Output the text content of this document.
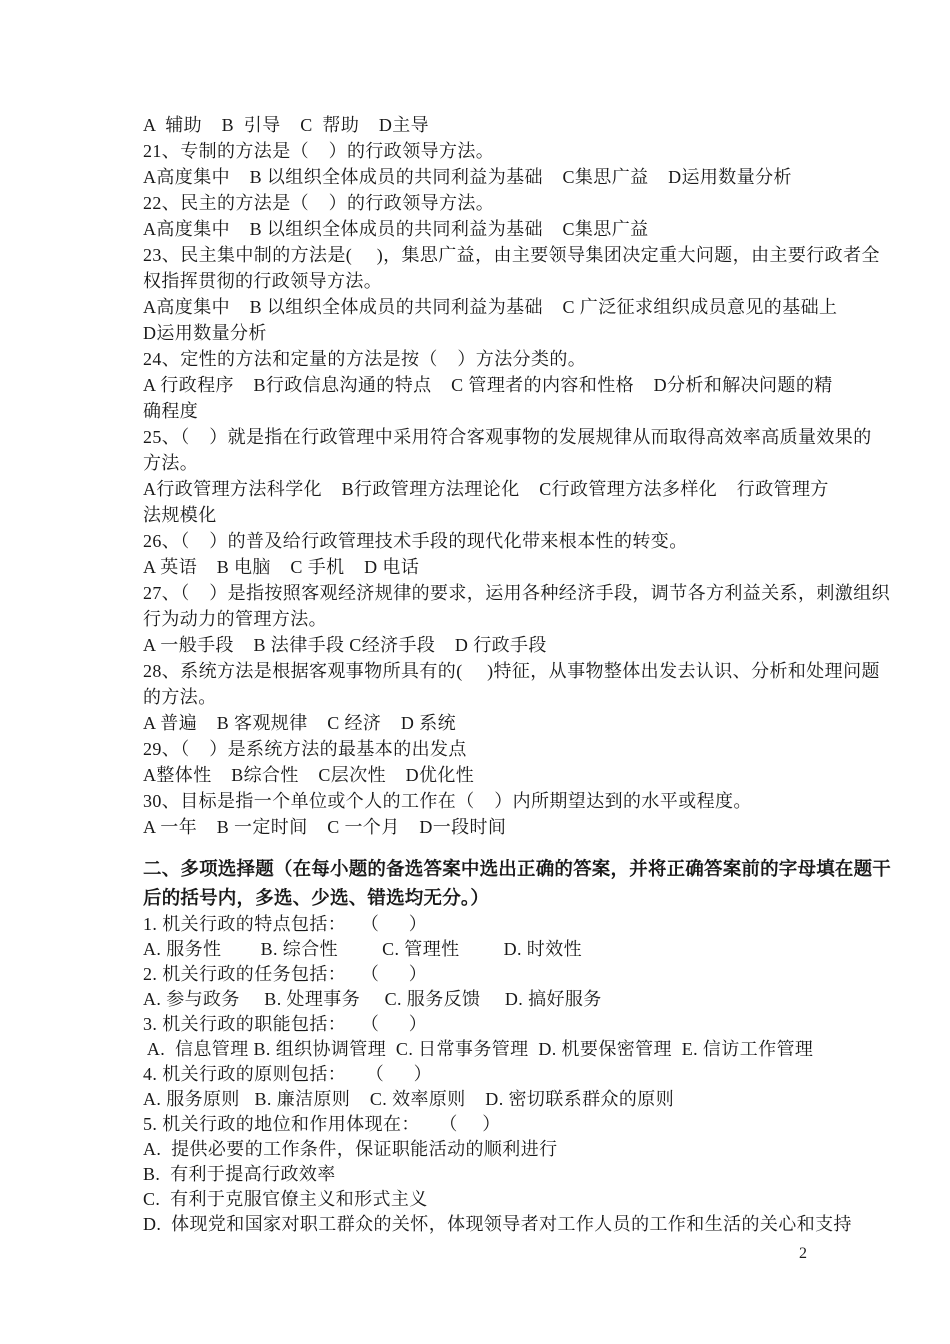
A  辅助    B  引导    C  帮助    D主导
21、专制的方法是（    ）的行政领导方法。
A高度集中    B 以组织全体成员的共同利益为基础    C集思广益    D运用数量分析
22、民主的方法是（    ）的行政领导方法。
A高度集中    B 以组织全体成员的共同利益为基础    C集思广益
23、民主集中制的方法是(     )，集思广益，由主要领导集团决定重大问题，由主要行政者全
权指挥贯彻的行政领导方法。
A高度集中    B 以组织全体成员的共同利益为基础    C 广泛征求组织成员意见的基础上
D运用数量分析
24、定性的方法和定量的方法是按（    ）方法分类的。
A 行政程序    B行政信息沟通的特点    C 管理者的内容和性格    D分析和解决问题的精
确程度
25、（    ）就是指在行政管理中采用符合客观事物的发展规律从而取得高效率高质量效果的
方法。
A行政管理方法科学化    B行政管理方法理论化    C行政管理方法多样化    行政管理方
法规模化
26、（    ）的普及给行政管理技术手段的现代化带来根本性的转变。
A 英语    B 电脑    C 手机    D 电话
27、（    ）是指按照客观经济规律的要求，运用各种经济手段，调节各方利益关系，刺激组织
行为动力的管理方法。
A 一般手段    B 法律手段 C经济手段    D 行政手段
28、系统方法是根据客观事物所具有的(     )特征，从事物整体出发去认识、分析和处理问题
的方法。
A 普遍    B 客观规律    C 经济    D 系统
29、（    ）是系统方法的最基本的出发点
A整体性    B综合性    C层次性    D优化性
30、目标是指一个单位或个人的工作在（    ）内所期望达到的水平或程度。
A 一年    B 一定时间    C 一个月    D一段时间
二、多项选择题（在每小题的备选答案中选出正确的答案，并将正确答案前的字母填在题干
后的括号内，多选、少选、错选均无分。）
1. 机关行政的特点包括：   （      ）
A. 服务性        B. 综合性         C. 管理性         D. 时效性
2. 机关行政的任务包括：   （      ）
A. 参与政务     B. 处理事务     C. 服务反馈     D. 搞好服务
3. 机关行政的职能包括：   （      ）
A.  信息管理 B. 组织协调管理  C. 日常事务管理  D. 机要保密管理  E. 信访工作管理
4. 机关行政的原则包括：    （      ）
A. 服务原则   B. 廉洁原则    C. 效率原则    D. 密切联系群众的原则
5. 机关行政的地位和作用体现在：    （     ）
A.  提供必要的工作条件，保证职能活动的顺利进行
B.  有利于提高行政效率
C.  有利于克服官僚主义和形式主义
D.  体现党和国家对职工群众的关怀，体现领导者对工作人员的工作和生活的关心和支持
2
